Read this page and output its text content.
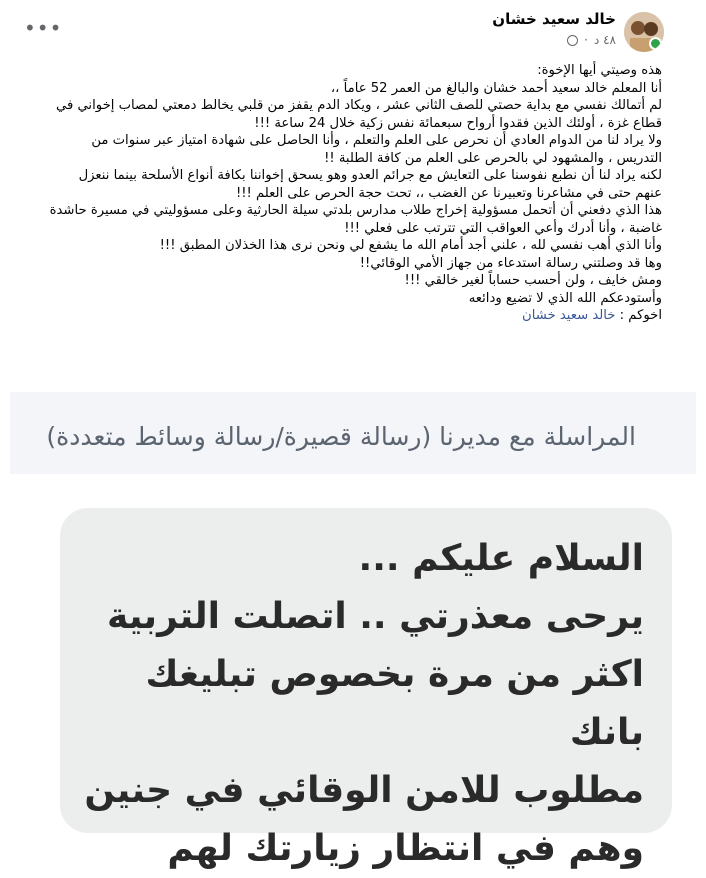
خالد سعيد خشان
٤٨ د
·
•••

هذه وصيتي أيها الإخوة:

أنا المعلم خالد سعيد أحمد خشان والبالغ من العمر 52 عاماً ،،

لم أتمالك نفسي مع بداية حصتي للصف الثاني عشر ، ويكاد الدم يقفز من قلبي يخالط دمعتي لمصاب إخواني في

قطاع غزة ، أولئك الذين فقدوا أرواح سبعمائة نفس زكية خلال 24 ساعة !!!

ولا يراد لنا من الدوام العادي أن نحرص على العلم والتعلم ، وأنا الحاصل على شهادة امتياز عبر سنوات من

التدريس ، والمشهود لي بالحرص على العلم من كافة الطلبة !!

لكنه يراد لنا أن نطبع نفوسنا على التعايش مع جرائم العدو وهو يسحق إخواننا بكافة أنواع الأسلحة بينما ننعزل

عنهم حتى في مشاعرنا وتعبيرنا عن الغضب ،، تحت حجة الحرص على العلم !!!

هذا الذي دفعني أن أتحمل مسؤولية إخراج طلاب مدارس بلدتي سيلة الحارثية وعلى مسؤوليتي في مسيرة حاشدة

غاضبة ، وأنا أدرك وأعي العواقب التي تترتب على فعلي !!!

وأنا الذي أهب نفسي لله ، علني أجد أمام الله ما يشفع لي ونحن نرى هذا الخذلان المطبق !!!

وها قد وصلتني رسالة استدعاء من جهاز الأمي الوقائي!!

ومش خايف ، ولن أحسب حساباً لغير خالقي !!!

وأستودعكم الله الذي لا تضيع ودائعه

اخوكم : خالد سعيد خشان

المراسلة مع مديرنا (رسالة قصيرة/رسالة وسائط متعددة)
السلام عليكم ...
يرحى معذرتي .. اتصلت التربية
اكثر من مرة بخصوص تبليغك بانك
مطلوب للامن الوقائي في جنين
وهم في انتظار زيارتك لهم
